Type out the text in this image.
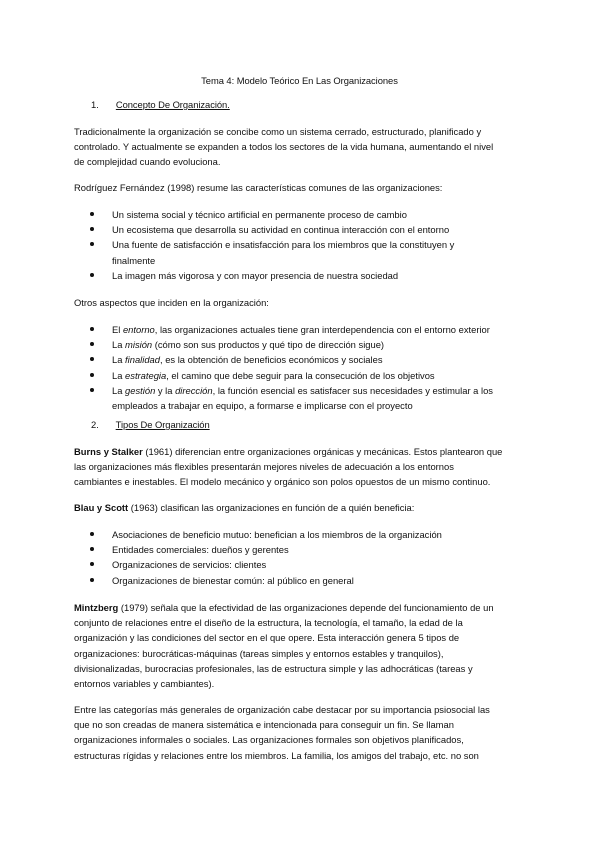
Tema 4: Modelo Teórico En Las Organizaciones
1. Concepto De Organización.

Tradicionalmente la organización se concibe como un sistema cerrado, estructurado, planificado y

controlado. Y actualmente se expanden a todos los sectores de la vida humana, aumentando el nivel

de complejidad cuando evoluciona.

Rodríguez Fernández (1998) resume las características comunes de las organizaciones:

Un sistema social y técnico artificial en permanente proceso de cambio
Un ecosistema que desarrolla su actividad en continua interacción con el entorno
Una fuente de satisfacción e insatisfacción para los miembros que la constituyen y
finalmente
La imagen más vigorosa y con mayor presencia de nuestra sociedad

Otros aspectos que inciden en la organización:

El entorno, las organizaciones actuales tiene gran interdependencia con el entorno exterior
La misión (cómo son sus productos y qué tipo de dirección sigue)
La finalidad, es la obtención de beneficios económicos y sociales
La estrategia, el camino que debe seguir para la consecución de los objetivos
La gestión y la dirección, la función esencial es satisfacer sus necesidades y estimular a los
empleados a trabajar en equipo, a formarse e implicarse con el proyecto
2. Tipos De Organización

Burns y Stalker (1961) diferencian entre organizaciones orgánicas y mecánicas. Estos plantearon que

las organizaciones más flexibles presentarán mejores niveles de adecuación a los entornos

cambiantes e inestables. El modelo mecánico y orgánico son polos opuestos de un mismo continuo.

Blau y Scott (1963) clasifican las organizaciones en función de a quién beneficia:

Asociaciones de beneficio mutuo: benefician a los miembros de la organización
Entidades comerciales: dueños y gerentes
Organizaciones de servicios: clientes
Organizaciones de bienestar común: al público en general

Mintzberg (1979) señala que la efectividad de las organizaciones depende del funcionamiento de un

conjunto de relaciones entre el diseño de la estructura, la tecnología, el tamaño, la edad de la

organización y las condiciones del sector en el que opere. Esta interacción genera 5 tipos de

organizaciones: burocráticas-máquinas (tareas simples y entornos estables y tranquilos),

divisionalizadas, burocracias profesionales, las de estructura simple y las adhocráticas (tareas y

entornos variables y cambiantes).

Entre las categorías más generales de organización cabe destacar por su importancia psiosocial las

que no son creadas de manera sistemática e intencionada para conseguir un fin. Se llaman

organizaciones informales o sociales. Las organizaciones formales son objetivos planificados,

estructuras rígidas y relaciones entre los miembros. La familia, los amigos del trabajo, etc. no son
